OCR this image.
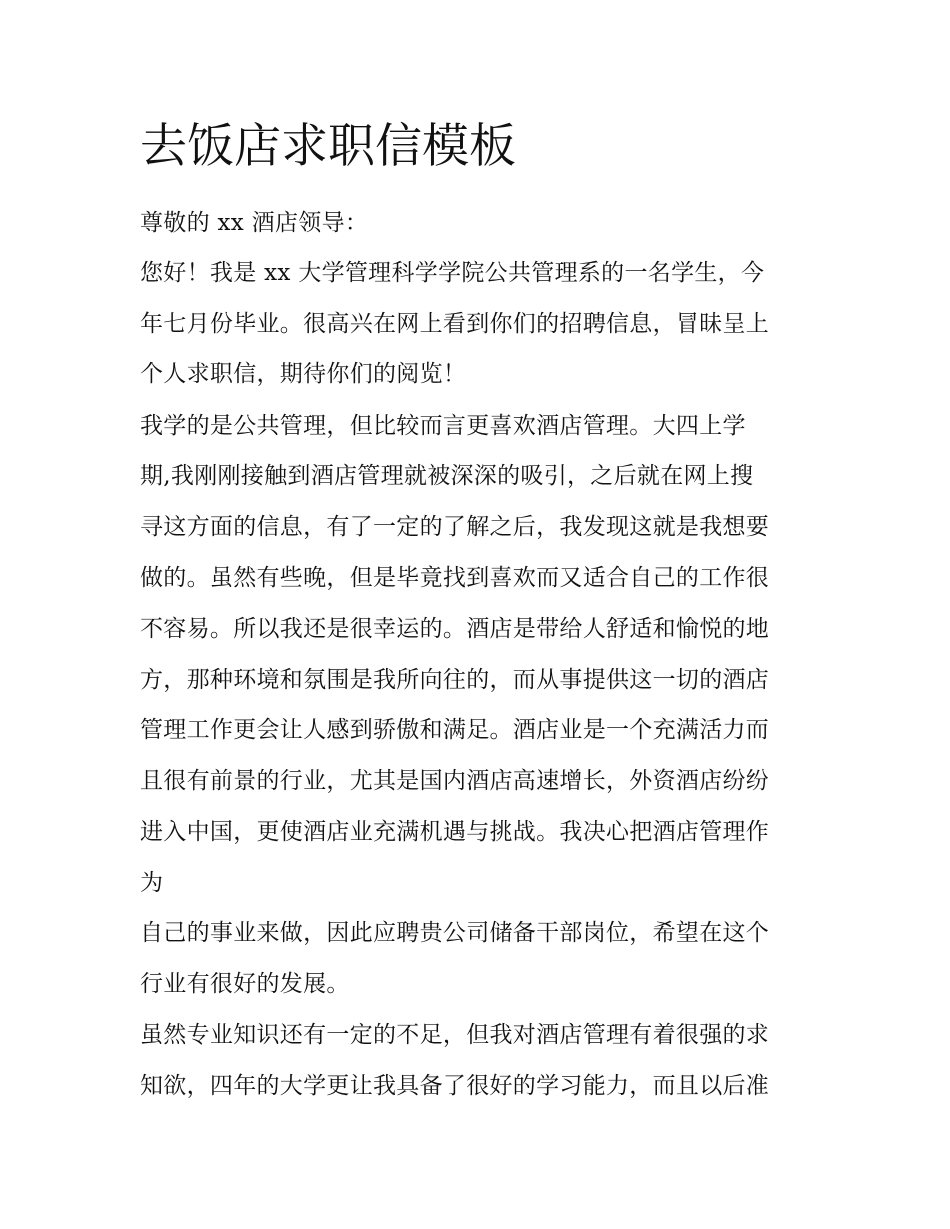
去饭店求职信模板

尊敬的 xx 酒店领导：

您好！我是 xx 大学管理科学学院公共管理系的一名学生，今

年七月份毕业。很高兴在网上看到你们的招聘信息，冒昧呈上

个人求职信，期待你们的阅览！

我学的是公共管理，但比较而言更喜欢酒店管理。大四上学

期,我刚刚接触到酒店管理就被深深的吸引，之后就在网上搜

寻这方面的信息，有了一定的了解之后，我发现这就是我想要

做的。虽然有些晚，但是毕竟找到喜欢而又适合自己的工作很

不容易。所以我还是很幸运的。酒店是带给人舒适和愉悦的地

方，那种环境和氛围是我所向往的，而从事提供这一切的酒店

管理工作更会让人感到骄傲和满足。酒店业是一个充满活力而

且很有前景的行业，尤其是国内酒店高速增长，外资酒店纷纷

进入中国，更使酒店业充满机遇与挑战。我决心把酒店管理作

为

自己的事业来做，因此应聘贵公司储备干部岗位，希望在这个

行业有很好的发展。

虽然专业知识还有一定的不足，但我对酒店管理有着很强的求

知欲，四年的大学更让我具备了很好的学习能力，而且以后准
